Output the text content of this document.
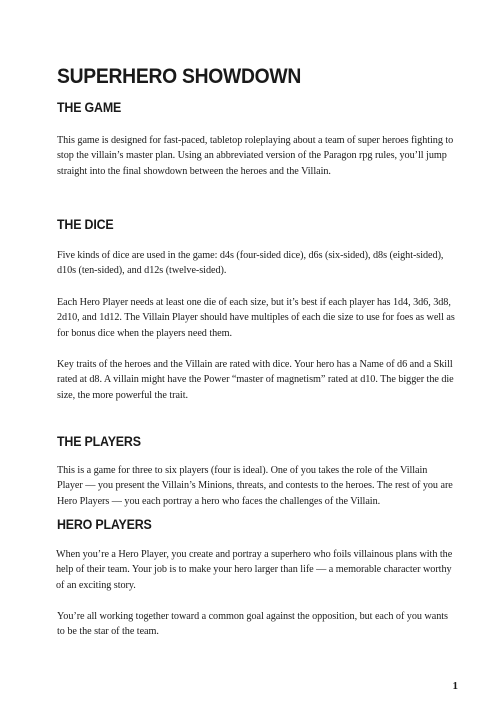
SUPERHERO SHOWDOWN
THE GAME

This game is designed for fast-paced, tabletop roleplaying about a team of super heroes fighting to stop the villain’s master plan. Using an abbreviated version of the Paragon rpg rules, you’ll jump straight into the final showdown between the heroes and the Villain.

THE DICE

Five kinds of dice are used in the game: d4s (four-sided dice), d6s (six-sided), d8s (eight-sided), d10s (ten-sided), and d12s (twelve-sided).

Each Hero Player needs at least one die of each size, but it’s best if each player has 1d4, 3d6, 3d8, 2d10, and 1d12. The Villain Player should have multiples of each die size to use for foes as well as for bonus dice when the players need them.

Key traits of the heroes and the Villain are rated with dice. Your hero has a Name of d6 and a Skill rated at d8. A villain might have the Power “master of magnetism” rated at d10. The bigger the die size, the more powerful the trait.

THE PLAYERS

This is a game for three to six players (four is ideal). One of you takes the role of the Villain Player — you present the Villain’s Minions, threats, and contests to the heroes. The rest of you are Hero Players — you each portray a hero who faces the challenges of the Villain.

HERO PLAYERS

When you’re a Hero Player, you create and portray a superhero who foils villainous plans with the help of their team. Your job is to make your hero larger than life — a memorable character worthy of an exciting story.

You’re all working together toward a common goal against the opposition, but each of you wants to be the star of the team.

1
